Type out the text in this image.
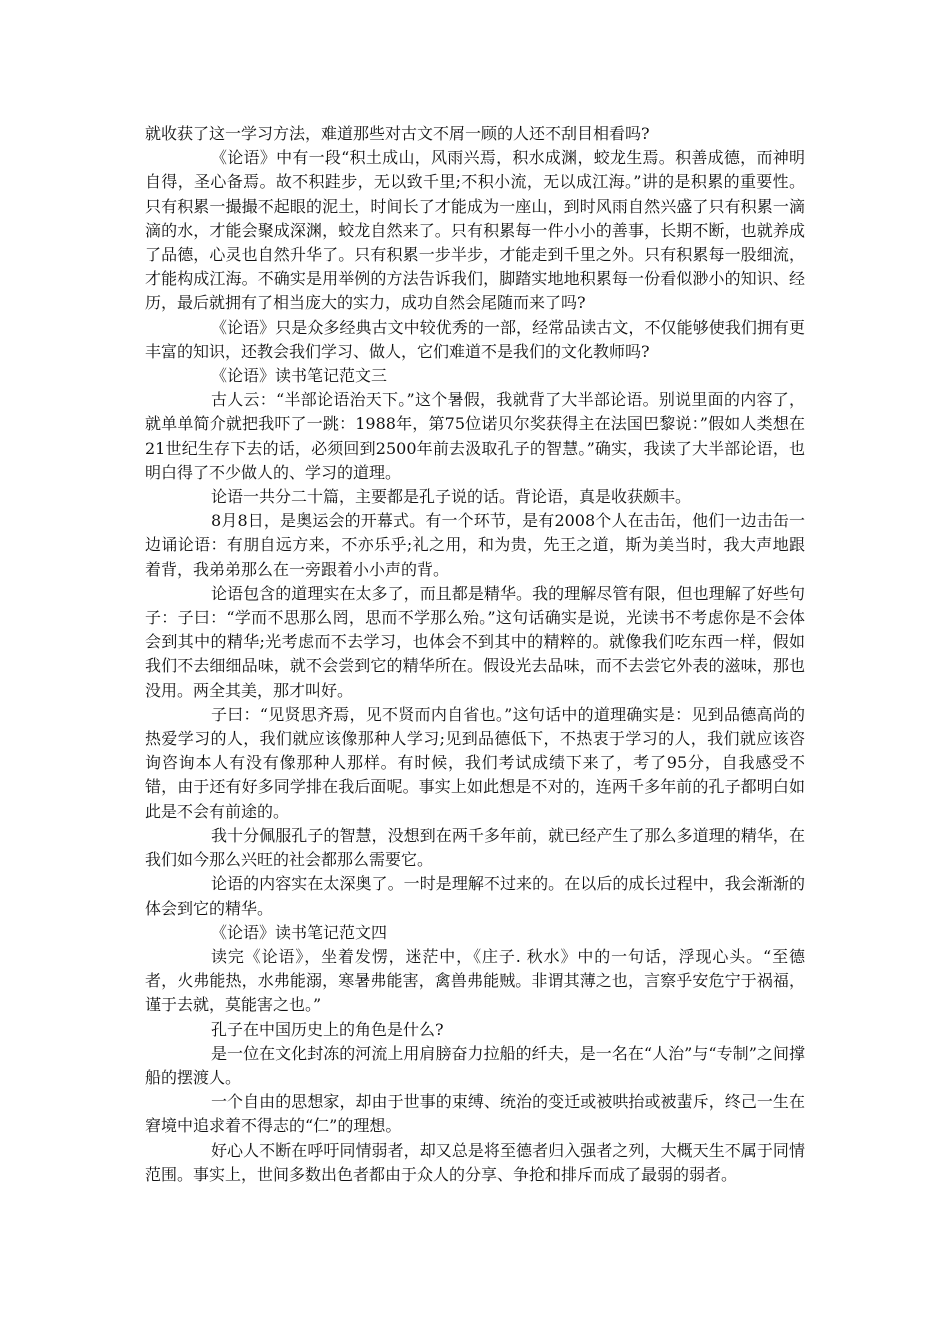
就收获了这一学习方法，难道那些对古文不屑一顾的人还不刮目相看吗?

《论语》中有一段“积土成山，风雨兴焉，积水成渊，蛟龙生焉。积善成德，而神明自得，圣心备焉。故不积跬步，无以致千里;不积小流，无以成江海。”讲的是积累的重要性。只有积累一撮撮不起眼的泥土，时间长了才能成为一座山，到时风雨自然兴盛了只有积累一滴滴的水，才能会聚成深渊，蛟龙自然来了。只有积累每一件小小的善事，长期不断，也就养成了品德，心灵也自然升华了。只有积累一步半步，才能走到千里之外。只有积累每一股细流，才能构成江海。不确实是用举例的方法告诉我们，脚踏实地地积累每一份看似渺小的知识、经历，最后就拥有了相当庞大的实力，成功自然会尾随而来了吗?

《论语》只是众多经典古文中较优秀的一部，经常品读古文，不仅能够使我们拥有更丰富的知识，还教会我们学习、做人，它们难道不是我们的文化教师吗?

《论语》读书笔记范文三

古人云：“半部论语治天下。”这个暑假，我就背了大半部论语。别说里面的内容了，就单单简介就把我吓了一跳：1988年，第75位诺贝尔奖获得主在法国巴黎说：”假如人类想在21世纪生存下去的话，必须回到2500年前去汲取孔子的智慧。”确实，我读了大半部论语，也明白得了不少做人的、学习的道理。

论语一共分二十篇，主要都是孔子说的话。背论语，真是收获颇丰。

8月8日，是奥运会的开幕式。有一个环节，是有2008个人在击缶，他们一边击缶一边诵论语：有朋自远方来，不亦乐乎;礼之用，和为贵，先王之道，斯为美当时，我大声地跟着背，我弟弟那么在一旁跟着小小声的背。

论语包含的道理实在太多了，而且都是精华。我的理解尽管有限，但也理解了好些句子：子曰：“学而不思那么罔，思而不学那么殆。”这句话确实是说，光读书不考虑你是不会体会到其中的精华;光考虑而不去学习，也体会不到其中的精粹的。就像我们吃东西一样，假如我们不去细细品味，就不会尝到它的精华所在。假设光去品味，而不去尝它外表的滋味，那也没用。两全其美，那才叫好。

子曰：“见贤思齐焉，见不贤而内自省也。”这句话中的道理确实是：见到品德高尚的热爱学习的人，我们就应该像那种人学习;见到品德低下，不热衷于学习的人，我们就应该咨询咨询本人有没有像那种人那样。有时候，我们考试成绩下来了，考了95分，自我感受不错，由于还有好多同学排在我后面呢。事实上如此想是不对的，连两千多年前的孔子都明白如此是不会有前途的。

我十分佩服孔子的智慧，没想到在两千多年前，就已经产生了那么多道理的精华，在我们如今那么兴旺的社会都那么需要它。

论语的内容实在太深奥了。一时是理解不过来的。在以后的成长过程中，我会渐渐的体会到它的精华。

《论语》读书笔记范文四

读完《论语》，坐着发愣，迷茫中，《庄子. 秋水》中的一句话，浮现心头。“至德者，火弗能热，水弗能溺，寒暑弗能害，禽兽弗能贼。非谓其薄之也，言察乎安危宁于祸福，谨于去就，莫能害之也。”

孔子在中国历史上的角色是什么?

是一位在文化封冻的河流上用肩膀奋力拉船的纤夫，是一名在“人治”与“专制”之间撑船的摆渡人。

一个自由的思想家，却由于世事的束缚、统治的变迁或被哄抬或被蜚斥，终己一生在窘境中追求着不得志的“仁”的理想。

好心人不断在呼吁同情弱者，却又总是将至德者归入强者之列，大概天生不属于同情范围。事实上，世间多数出色者都由于众人的分享、争抢和排斥而成了最弱的弱者。
